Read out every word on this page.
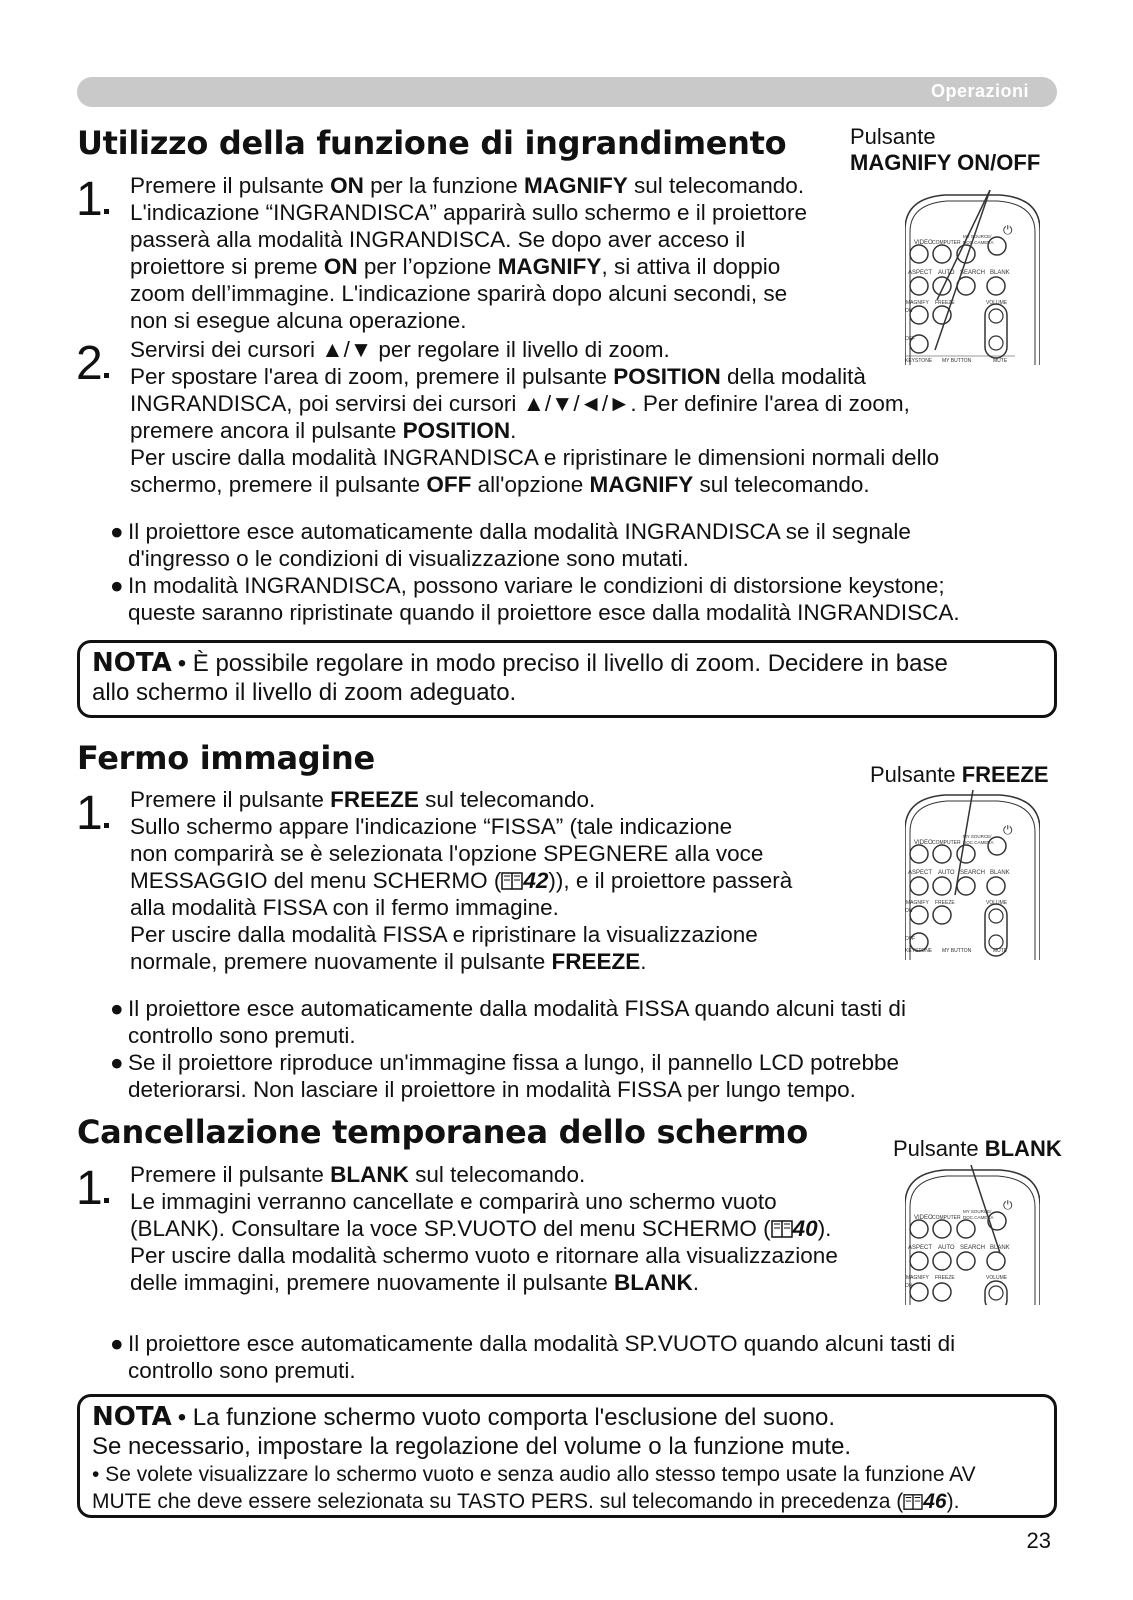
Operazioni
Utilizzo della funzione di ingrandimento	Pulsante
MAGNIFY ON/OFF
1 Premere il pulsante ON per la funzione MAGNIFY sul telecomando.
L'indicazione “INGRANDISCA” apparirà sullo schermo e il proiettore
passerà alla modalità INGRANDISCA. Se dopo aver acceso il
proiettore si preme ON per l’opzione MAGNIFY, si attiva il doppio
zoom dell’immagine. L'indicazione sparirà dopo alcuni secondi, se
non si esegue alcuna operazione.
VIDEO COMPUTER
MY SOURCE/
DOC.CAMERA
⏻
ASPECT AUTO SEARCH BLANK
MAGNIFY FREEZE	VOLUME
ON
OFF
KEYSTONE MY BUTTON	MUTE
2 Servirsi dei cursori ▲/▼ per regolare il livello di zoom.
Per spostare l'area di zoom, premere il pulsante POSITION della modalità
INGRANDISCA, poi servirsi dei cursori ▲/▼/◄/►. Per definire l'area di zoom,
premere ancora il pulsante POSITION.
Per uscire dalla modalità INGRANDISCA e ripristinare le dimensioni normali dello
schermo, premere il pulsante OFF all'opzione MAGNIFY sul telecomando.
● Il proiettore esce automaticamente dalla modalità INGRANDISCA se il segnale
d'ingresso o le condizioni di visualizzazione sono mutati.
● In modalità INGRANDISCA, possono variare le condizioni di distorsione keystone;
queste saranno ripristinate quando il proiettore esce dalla modalità INGRANDISCA.
NOTA • È possibile regolare in modo preciso il livello di zoom. Decidere in base
allo schermo il livello di zoom adeguato.
Fermo immagine	Pulsante FREEZE
1 Premere il pulsante FREEZE sul telecomando.
Sullo schermo appare l'indicazione “FISSA” (tale indicazione
non comparirà se è selezionata l'opzione SPEGNERE alla voce
MESSAGGIO del menu SCHERMO ( 42)), e il proiettore passerà
alla modalità FISSA con il fermo immagine.
Per uscire dalla modalità FISSA e ripristinare la visualizzazione
normale, premere nuovamente il pulsante FREEZE.
VIDEO COMPUTER
MY SOURCE/
DOC.CAMERA
⏻
ASPECT AUTO SEARCH BLANK
MAGNIFY FREEZE	VOLUME
ON
OFF
KEYSTONE MY BUTTON	MUTE
● Il proiettore esce automaticamente dalla modalità FISSA quando alcuni tasti di
controllo sono premuti.
● Se il proiettore riproduce un'immagine fissa a lungo, il pannello LCD potrebbe
deteriorarsi. Non lasciare il proiettore in modalità FISSA per lungo tempo.
Cancellazione temporanea dello schermo	Pulsante BLANK
1 Premere il pulsante BLANK sul telecomando.
Le immagini verranno cancellate e comparirà uno schermo vuoto
(BLANK). Consultare la voce SP.VUOTO del menu SCHERMO ( 40).
Per uscire dalla modalità schermo vuoto e ritornare alla visualizzazione
delle immagini, premere nuovamente il pulsante BLANK.
VIDEO COMPUTER
MY SOURCE/
DOC.CAMERA
⏻
ASPECT AUTO SEARCH BLANK
MAGNIFY FREEZE	VOLUME
ON
● Il proiettore esce automaticamente dalla modalità SP.VUOTO quando alcuni tasti di
controllo sono premuti.
NOTA • La funzione schermo vuoto comporta l'esclusione del suono.
Se necessario, impostare la regolazione del volume o la funzione mute.
• Se volete visualizzare lo schermo vuoto e senza audio allo stesso tempo usate la funzione AV
MUTE che deve essere selezionata su TASTO PERS. sul telecomando in precedenza ( 46).
23
